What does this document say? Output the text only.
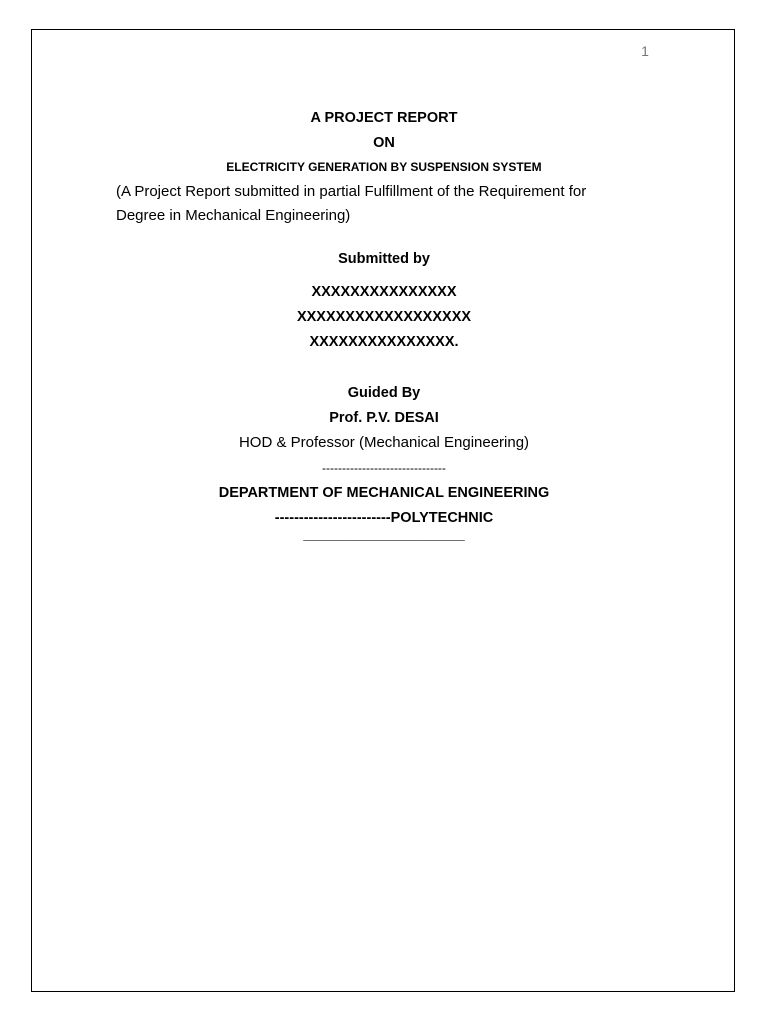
1
A PROJECT REPORT
ON
ELECTRICITY GENERATION BY SUSPENSION SYSTEM
(A Project Report submitted in partial Fulfillment of the Requirement for
Degree in Mechanical Engineering)
Submitted by
XXXXXXXXXXXXXXX
XXXXXXXXXXXXXXXXXX
XXXXXXXXXXXXXXX.
Guided By
Prof. P.V. DESAI
HOD & Professor (Mechanical Engineering)
-------------------------------
DEPARTMENT OF MECHANICAL ENGINEERING
------------------------POLYTECHNIC
____________________
